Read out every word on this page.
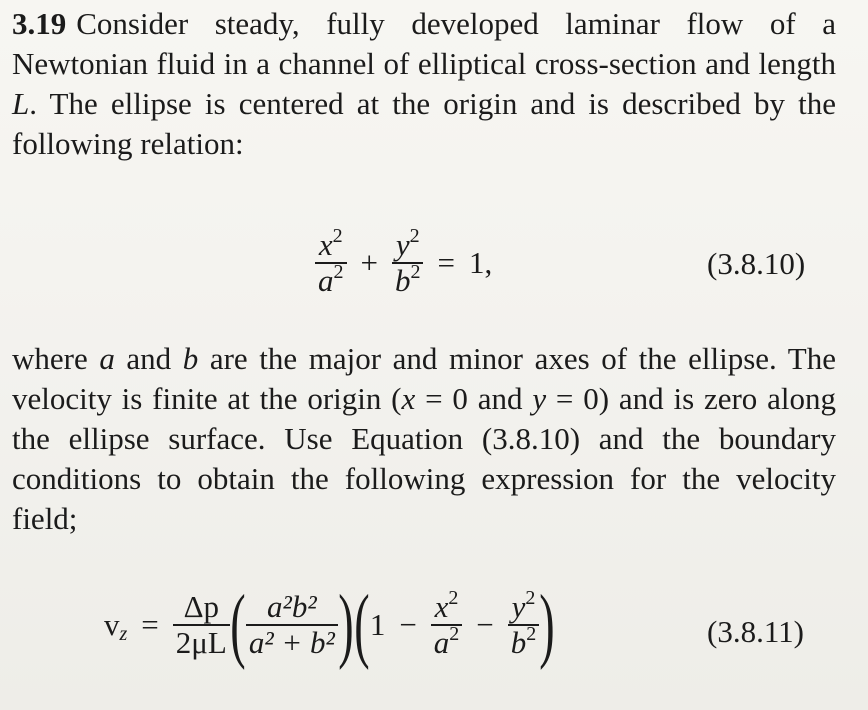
3.19 Consider steady, fully developed laminar flow of a Newtonian fluid in a channel of elliptical cross-section and length L. The ellipse is centered at the origin and is described by the following relation:
$\frac{x^2}{a^2} + \frac{y^2}{b^2} = 1$,	(3.8.10)
where a and b are the major and minor axes of the ellipse. The velocity is finite at the origin (x = 0 and y = 0) and is zero along the ellipse surface. Use Equation (3.8.10) and the boundary conditions to obtain the following expression for the velocity field;
$v_z = \frac{\Delta p}{2\mu L}$ ( $\frac{\text{a²b²}}{\text{a² + b²}}$ ) ( $1 - \frac{x^2}{a^2} - \frac{y^2}{b^2}$ )	(3.8.11)
